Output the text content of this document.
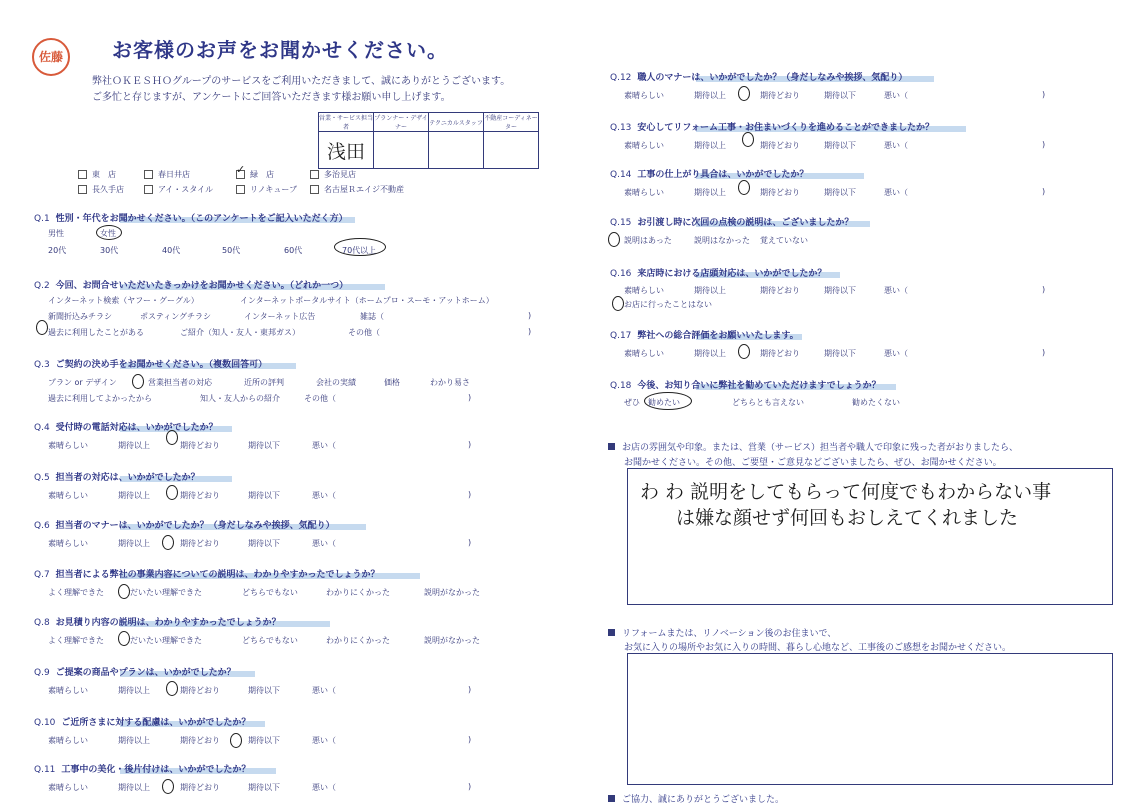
佐藤 お客様のお声をお聞かせください。
弊社ＯＫＥＳＨＯグループのサービスをご利用いただきまして、誠にありがとうございます。
ご多忙と存じますが、アンケートにご回答いただきます様お願い申し上げます。
営業・サービス担当者	プランナー・デザイナー	テクニカルスタッフ	不動産コーディネーター
浅田			
東　店	春日井店 ✓	緑　店	多治見店
長久手店	アイ・スタイル	リノキューブ	名古屋Ｒエイジ不動産
Q.1 性別・年代をお聞かせください。（このアンケートをご記入いただく方）
男性	女性
20代	30代	40代	50代	60代	70代以上
Q.2 今回、お問合せいただいたきっかけをお聞かせください。（どれか一つ）
インターネット検索（ヤフー・グーグル）	インターネットポータルサイト（ホームプロ・スーモ・アットホーム）
新聞折込みチラシ	ポスティングチラシ	インターネット広告	雑誌（	)
過去に利用したことがある	ご紹介（知人・友人・東邦ガス）	その他（	)
Q.3 ご契約の決め手をお聞かせください。（複数回答可）
プラン or デザイン	営業担当者の対応	近所の評判	会社の実績	価格	わかり易さ
過去に利用してよかったから	知人・友人からの紹介	その他（	)
Q.4 受付時の電話対応は、いかがでしたか？
素晴らしい	期待以上	期待どおり	期待以下	悪い（	)
Q.5 担当者の対応は、いかがでしたか？
素晴らしい	期待以上	期待どおり	期待以下	悪い（	)
Q.6 担当者のマナーは、いかがでしたか？（身だしなみや挨拶、気配り）
素晴らしい	期待以上	期待どおり	期待以下	悪い（	)
Q.7 担当者による弊社の事業内容についての説明は、わかりやすかったでしょうか？
よく理解できた	だいたい理解できた	どちらでもない	わかりにくかった	説明がなかった
Q.8 お見積り内容の説明は、わかりやすかったでしょうか？
よく理解できた	だいたい理解できた	どちらでもない	わかりにくかった	説明がなかった
Q.9 ご提案の商品やプランは、いかがでしたか？
素晴らしい	期待以上	期待どおり	期待以下	悪い（	)
Q.10 ご近所さまに対する配慮は、いかがでしたか？
素晴らしい	期待以上	期待どおり	期待以下	悪い（	)
Q.11 工事中の美化・後片付けは、いかがでしたか？
素晴らしい	期待以上	期待どおり	期待以下	悪い（	)
Q.12 職人のマナーは、いかがでしたか？（身だしなみや挨拶、気配り）
素晴らしい	期待以上	期待どおり	期待以下	悪い（	)
Q.13 安心してリフォーム工事・お住まいづくりを進めることができましたか？
素晴らしい	期待以上	期待どおり	期待以下	悪い（	)
Q.14 工事の仕上がり具合は、いかがでしたか？
素晴らしい	期待以上	期待どおり	期待以下	悪い（	)
Q.15 お引渡し時に次回の点検の説明は、ございましたか？
説明はあった	説明はなかった 覚えていない
Q.16 来店時における店頭対応は、いかがでしたか？
素晴らしい	期待以上	期待どおり	期待以下	悪い（	)
お店に行ったことはない
Q.17 弊社への総合評価をお願いいたします。
素晴らしい	期待以上	期待どおり	期待以下	悪い（	)
Q.18 今後、お知り合いに弊社を勧めていただけますでしょうか？
ぜひ 勧めたい	どちらとも言えない	勧めたくない
お店の雰囲気や印象。または、営業（サービス）担当者や職人で印象に残った者がおりましたら、
お聞かせください。その他、ご要望・ご意見などございましたら、ぜひ、お聞かせください。
わ わ 説明をしてもらって何度でもわからない事
は嫌な顔せず何回もおしえてくれました
リフォームまたは、リノベーション後のお住まいで、
お気に入りの場所やお気に入りの時間、暮らし心地など、工事後のご感想をお聞かせください。
ご協力、誠にありがとうございました。
